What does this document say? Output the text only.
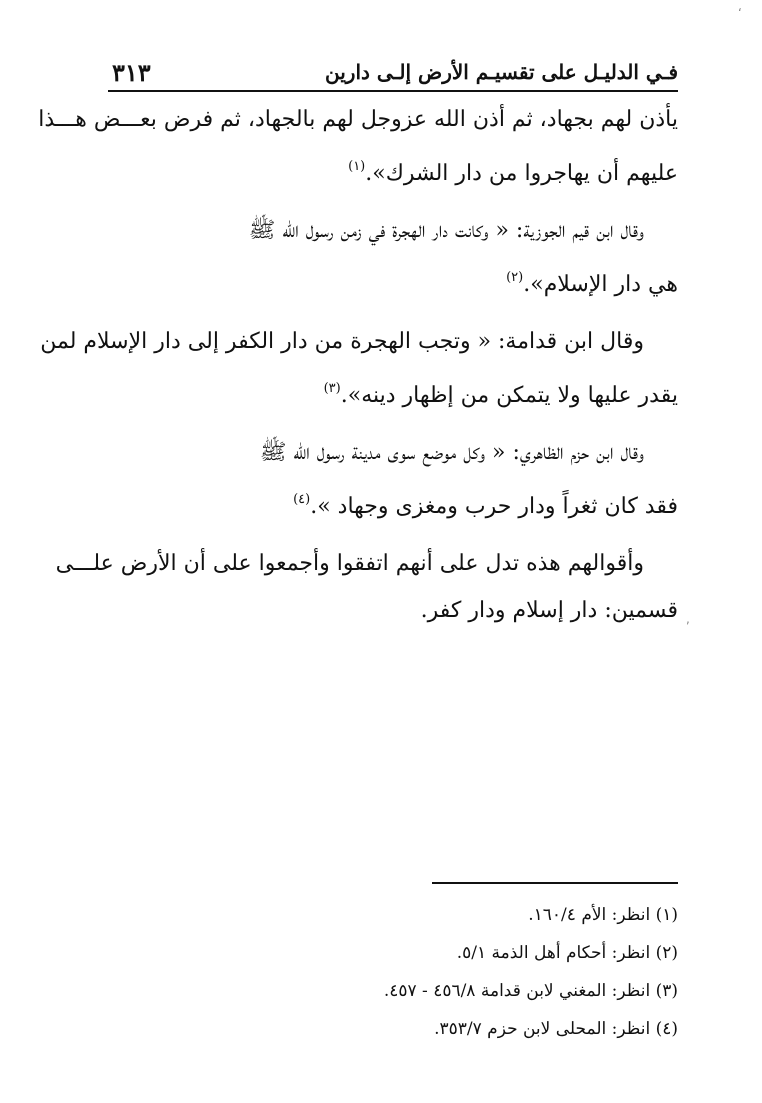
فـي الدليـل على تقسيـم الأرض إلـى دارين
٣١٣

يأذن لهم بجهاد، ثم أذن الله عزوجل لهم بالجهاد، ثم فرض بعـــض هـــذا
عليهم أن يهاجروا من دار الشرك».$^{(١)}$

وقال ابن قيم الجوزية: « وكانت دار الهجرة في زمن رسول الله ﷺ
هي دار الإسلام».$^{(٢)}$

وقال ابن قدامة: « وتجب الهجرة من دار الكفر إلى دار الإسلام لمن
يقدر عليها ولا يتمكن من إظهار دينه».$^{(٣)}$

وقال ابن حزم الظاهري: « وكل موضع سوى مدينة رسول الله ﷺ
فقد كان ثغراً ودار حرب ومغزى وجهاد ».$^{(٤)}$

وأقوالهم هذه تدل على أنهم اتفقوا وأجمعوا على أن الأرض علـــى
قسمين: دار إسلام ودار كفر.

‘
,
(١) انظر: الأم ١٦٠/٤.
(٢) انظر: أحكام أهل الذمة ٥/١.
(٣) انظر: المغني لابن قدامة ٤٥٦/٨ - ٤٥٧.
(٤) انظر: المحلى لابن حزم ٣٥٣/٧.
